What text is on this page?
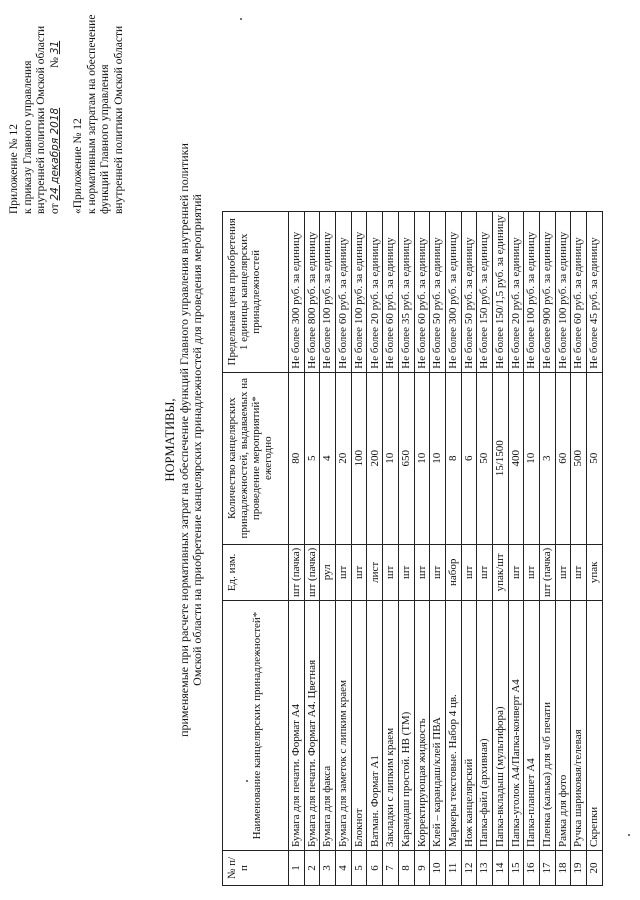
Приложение № 12 к приказу Главного управления внутренней политики Омской области от 24 декабря 2018  № 31
«Приложение № 12 к нормативным затратам на обеспечение функций Главного управления внутренней политики Омской области
НОРМАТИВЫ, применяемые при расчете нормативных затрат на обеспечение функций Главного управления внутренней политики Омской области на приобретение канцелярских принадлежностей для проведения мероприятий
№ п/п	Наименование канцелярских принадлежностей*	Ед. изм.	Количество канцелярских принадлежностей, выдаваемых на проведение мероприятий* ежегодно	Предельная цена приобретения 1 единицы канцелярских принадлежностей
1	Бумага для печати. Формат А4	шт (пачка)	80	Не более 300 руб. за единицу
2	Бумага для печати. Формат А4. Цветная	шт (пачка)	5	Не более 800 руб. за единицу
3	Бумага для факса	рул	4	Не более 100 руб. за единицу
4	Бумага для заметок с липким краем	шт	20	Не более 60 руб. за единицу
5	Блокнот	шт	100	Не более 100 руб. за единицу
6	Ватман. Формат А1	лист	200	Не более 20 руб. за единицу
7	Закладки с липким краем	шт	10	Не более 60 руб. за единицу
8	Карандаш простой. НВ (ТМ)	шт	650	Не более 35 руб. за единицу
9	Корректирующая жидкость	шт	10	Не более 60 руб. за единицу
10	Клей – карандаш/клей ПВА	шт	10	Не более 50 руб. за единицу
11	Маркеры текстовые. Набор 4 цв.	набор	8	Не более 300 руб. за единицу
12	Нож канцелярский	шт	6	Не более 50 руб. за единицу
13	Папка-файл (архивная)	шт	50	Не более 150 руб. за единицу
14	Папка-вкладыш (мультифора)	упак/шт	15/1500	Не более 150/1,5 руб. за единицу
15	Папка-уголок А4/Папка-конверт А4	шт	400	Не более 20 руб. за единицу
16	Папка-планшет А4	шт	10	Не более 100 руб. за единицу
17	Пленка (калька) для ч/б печати	шт (пачка)	3	Не более 900 руб. за единицу
18	Рамка для фото	шт	60	Не более 100 руб. за единицу
19	Ручка шариковая/гелевая	шт	500	Не более 60 руб. за единицу
20	Скрепки	упак	50	Не более 45 руб. за единицу
